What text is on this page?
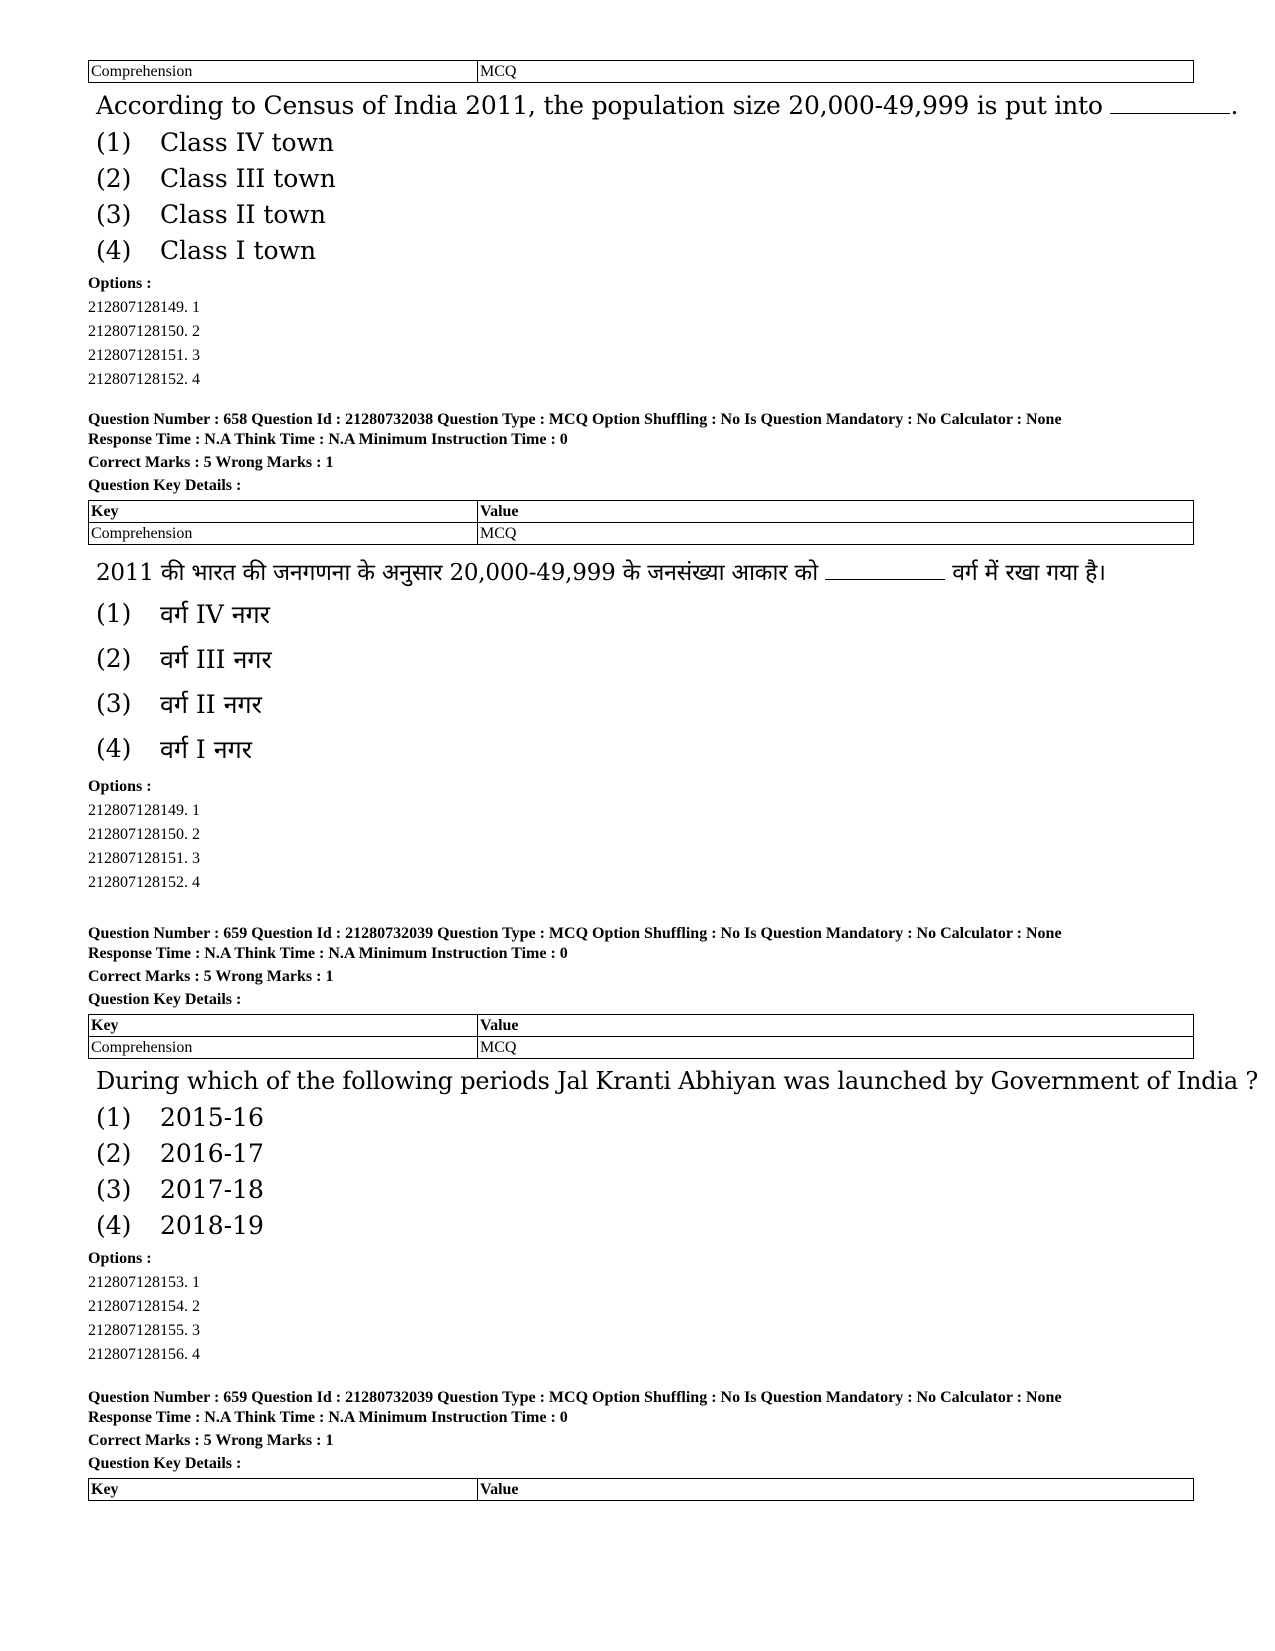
Comprehension	MCQ
According to Census of India 2011, the population size 20,000-49,999 is put into	.
(1)	Class IV town
(2)	Class III town
(3)	Class II town
(4)	Class I town
Options :
212807128149. 1
212807128150. 2
212807128151. 3
212807128152. 4
Question Number : 658 Question Id : 21280732038 Question Type : MCQ Option Shuffling : No Is Question Mandatory : No Calculator : None
Response Time : N.A Think Time : N.A Minimum Instruction Time : 0
Correct Marks : 5 Wrong Marks : 1
Question Key Details :
Key	Value
Comprehension	MCQ
2011 की भारत की जनगणना के अनुसार 20,000-49,999 के जनसंख्या आकार को	वर्ग में रखा गया है।
(1)	वर्ग IV नगर
(2)	वर्ग III नगर
(3)	वर्ग II नगर
(4)	वर्ग I नगर
Options :
212807128149. 1
212807128150. 2
212807128151. 3
212807128152. 4
Question Number : 659 Question Id : 21280732039 Question Type : MCQ Option Shuffling : No Is Question Mandatory : No Calculator : None
Response Time : N.A Think Time : N.A Minimum Instruction Time : 0
Correct Marks : 5 Wrong Marks : 1
Question Key Details :
Key	Value
Comprehension	MCQ
During which of the following periods Jal Kranti Abhiyan was launched by Government of India ?
(1)	2015-16
(2)	2016-17
(3)	2017-18
(4)	2018-19
Options :
212807128153. 1
212807128154. 2
212807128155. 3
212807128156. 4
Question Number : 659 Question Id : 21280732039 Question Type : MCQ Option Shuffling : No Is Question Mandatory : No Calculator : None
Response Time : N.A Think Time : N.A Minimum Instruction Time : 0
Correct Marks : 5 Wrong Marks : 1
Question Key Details :
Key	Value
